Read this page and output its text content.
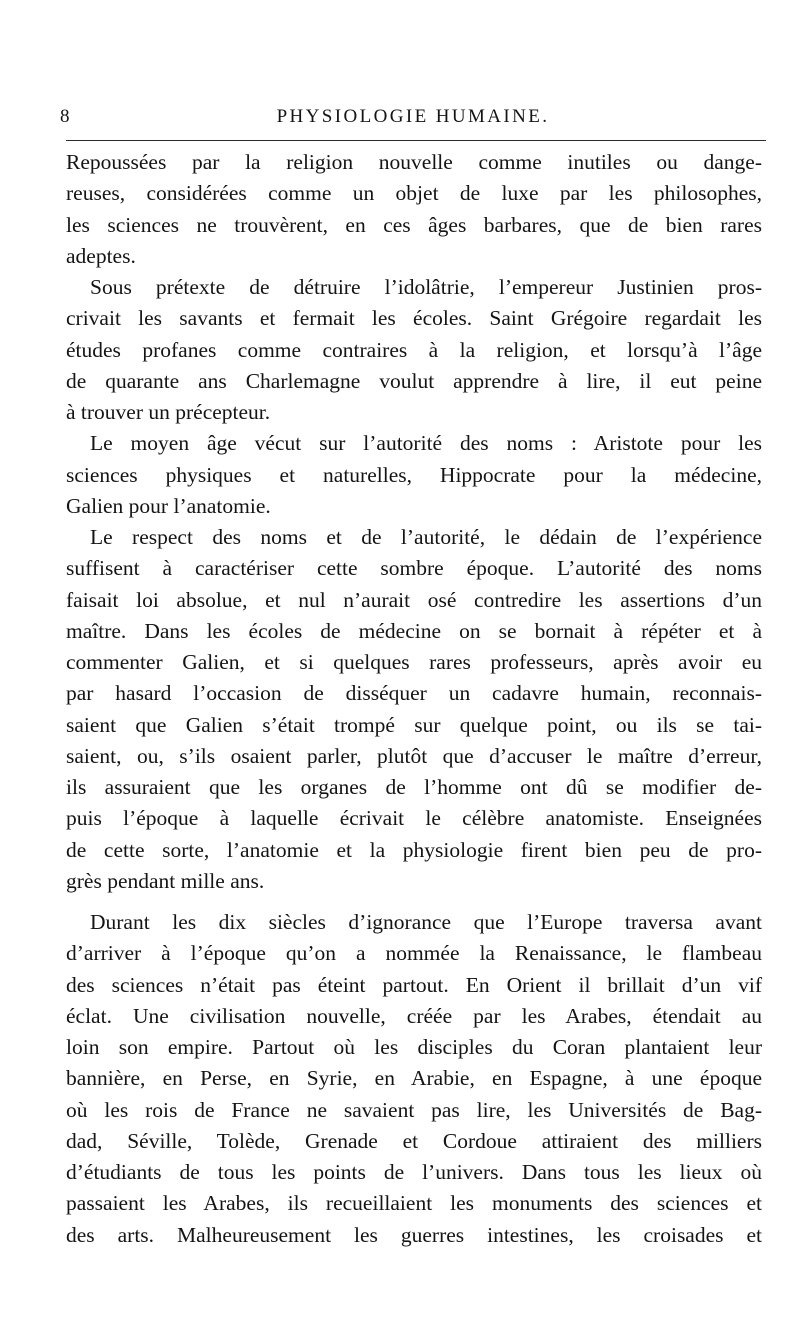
8	PHYSIOLOGIE HUMAINE.
Repoussées par la religion nouvelle comme inutiles ou dange-
reuses, considérées comme un objet de luxe par les philosophes,
les sciences ne trouvèrent, en ces âges barbares, que de bien rares
adeptes.
Sous prétexte de détruire l’idolâtrie, l’empereur Justinien pros-
crivait les savants et fermait les écoles. Saint Grégoire regardait les
études profanes comme contraires à la religion, et lorsqu’à l’âge
de quarante ans Charlemagne voulut apprendre à lire, il eut peine
à trouver un précepteur.
Le moyen âge vécut sur l’autorité des noms : Aristote pour les
sciences physiques et naturelles, Hippocrate pour la médecine,
Galien pour l’anatomie.
Le respect des noms et de l’autorité, le dédain de l’expérience
suffisent à caractériser cette sombre époque. L’autorité des noms
faisait loi absolue, et nul n’aurait osé contredire les assertions d’un
maître. Dans les écoles de médecine on se bornait à répéter et à
commenter Galien, et si quelques rares professeurs, après avoir eu
par hasard l’occasion de disséquer un cadavre humain, reconnais-
saient que Galien s’était trompé sur quelque point, ou ils se tai-
saient, ou, s’ils osaient parler, plutôt que d’accuser le maître d’erreur,
ils assuraient que les organes de l’homme ont dû se modifier de-
puis l’époque à laquelle écrivait le célèbre anatomiste. Enseignées
de cette sorte, l’anatomie et la physiologie firent bien peu de pro-
grès pendant mille ans.
Durant les dix siècles d’ignorance que l’Europe traversa avant
d’arriver à l’époque qu’on a nommée la Renaissance, le flambeau
des sciences n’était pas éteint partout. En Orient il brillait d’un vif
éclat. Une civilisation nouvelle, créée par les Arabes, étendait au
loin son empire. Partout où les disciples du Coran plantaient leur
bannière, en Perse, en Syrie, en Arabie, en Espagne, à une époque
où les rois de France ne savaient pas lire, les Universités de Bag-
dad, Séville, Tolède, Grenade et Cordoue attiraient des milliers
d’étudiants de tous les points de l’univers. Dans tous les lieux où
passaient les Arabes, ils recueillaient les monuments des sciences et
des arts. Malheureusement les guerres intestines, les croisades et
